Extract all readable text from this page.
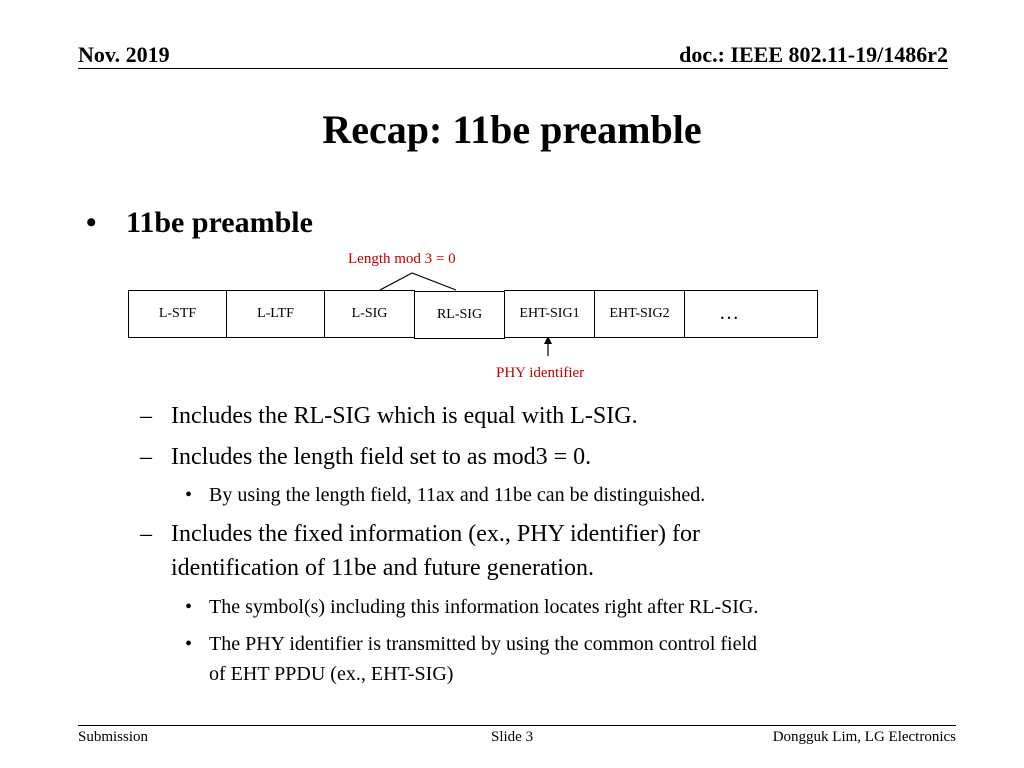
Nov. 2019	doc.: IEEE 802.11-19/1486r2
Recap: 11be preamble
• 11be preamble
Length mod 3 = 0
L-STF	L-LTF	L-SIG	RL-SIG	EHT-SIG1	EHT-SIG2	…
PHY identifier
– Includes the RL-SIG which is equal with L-SIG.
– Includes the length field set to as mod3 = 0.
• By using the length field, 11ax and 11be can be distinguished.
– Includes the fixed information (ex., PHY identifier) for
identification of 11be and future generation.
• The symbol(s) including this information locates right after RL-SIG.
• The PHY identifier is transmitted by using the common control field
of EHT PPDU (ex., EHT-SIG)
Submission	Slide 3	Dongguk Lim, LG Electronics
